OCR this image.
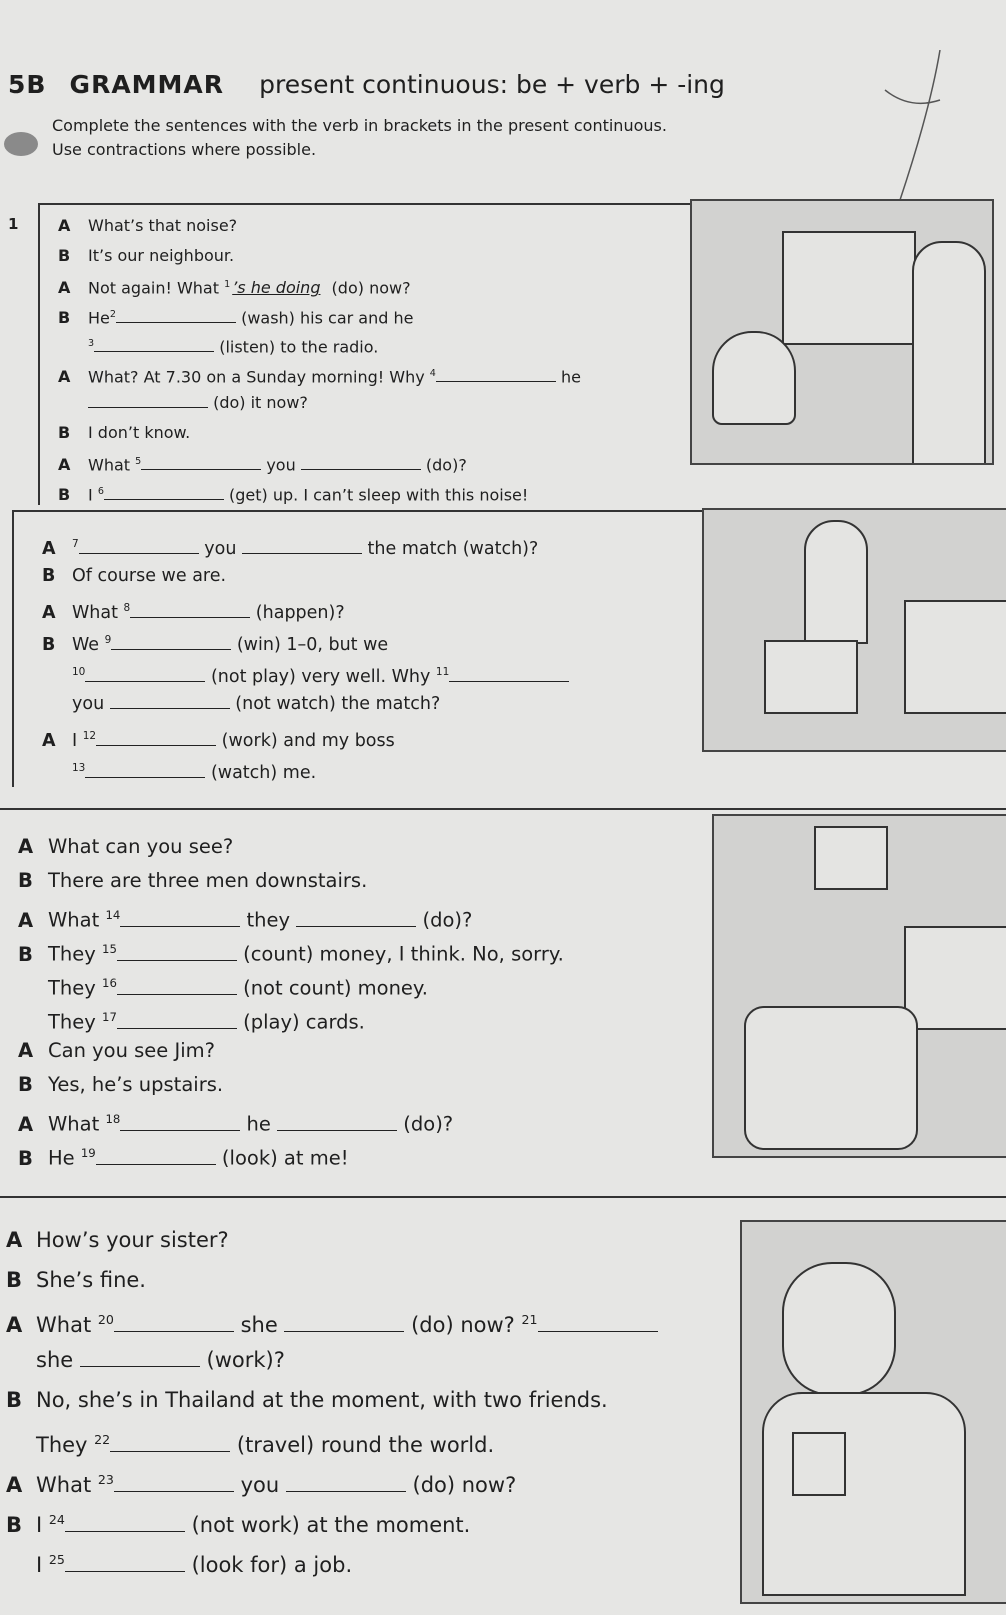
5B GRAMMAR present continuous: be + verb + -ing
Complete the sentences with the verb in brackets in the present continuous.
Use contractions where possible.
1 A What’s that noise?
B It’s our neighbour.
A Not again! What $^1$ ’s he doing (do) now?
B He$^2$	(wash) his car and he
$^3$	(listen) to the radio.
A What? At 7.30 on a Sunday morning! Why $^4$	he
(do) it now?
B I don’t know.
A What $^5$	you	(do)?
B I $^6$	(get) up. I can’t sleep with this noise!
A $^7$	you	the match (watch)?
B Of course we are.
A What $^8$	(happen)?
B We $^9$	(win) 1–0, but we
$^{10}$	(not play) very well. Why $^{11}$
you	(not watch) the match?
A I $^{12}$	(work) and my boss
$^{13}$	(watch) me.
A What can you see?
B There are three men downstairs.
A What $^{14}$	they	(do)?
B They $^{15}$	(count) money, I think. No, sorry.
They $^{16}$	(not count) money.
They $^{17}$	(play) cards.
A Can you see Jim?
B Yes, he’s upstairs.
A What $^{18}$	he	(do)?
B He $^{19}$	(look) at me!
A How’s your sister?
B She’s fine.
A What $^{20}$	she	(do) now? $^{21}$
she	(work)?
B No, she’s in Thailand at the moment, with two friends.
They $^{22}$	(travel) round the world.
A What $^{23}$	you	(do) now?
B I $^{24}$	(not work) at the moment.
I $^{25}$	(look for) a job.
